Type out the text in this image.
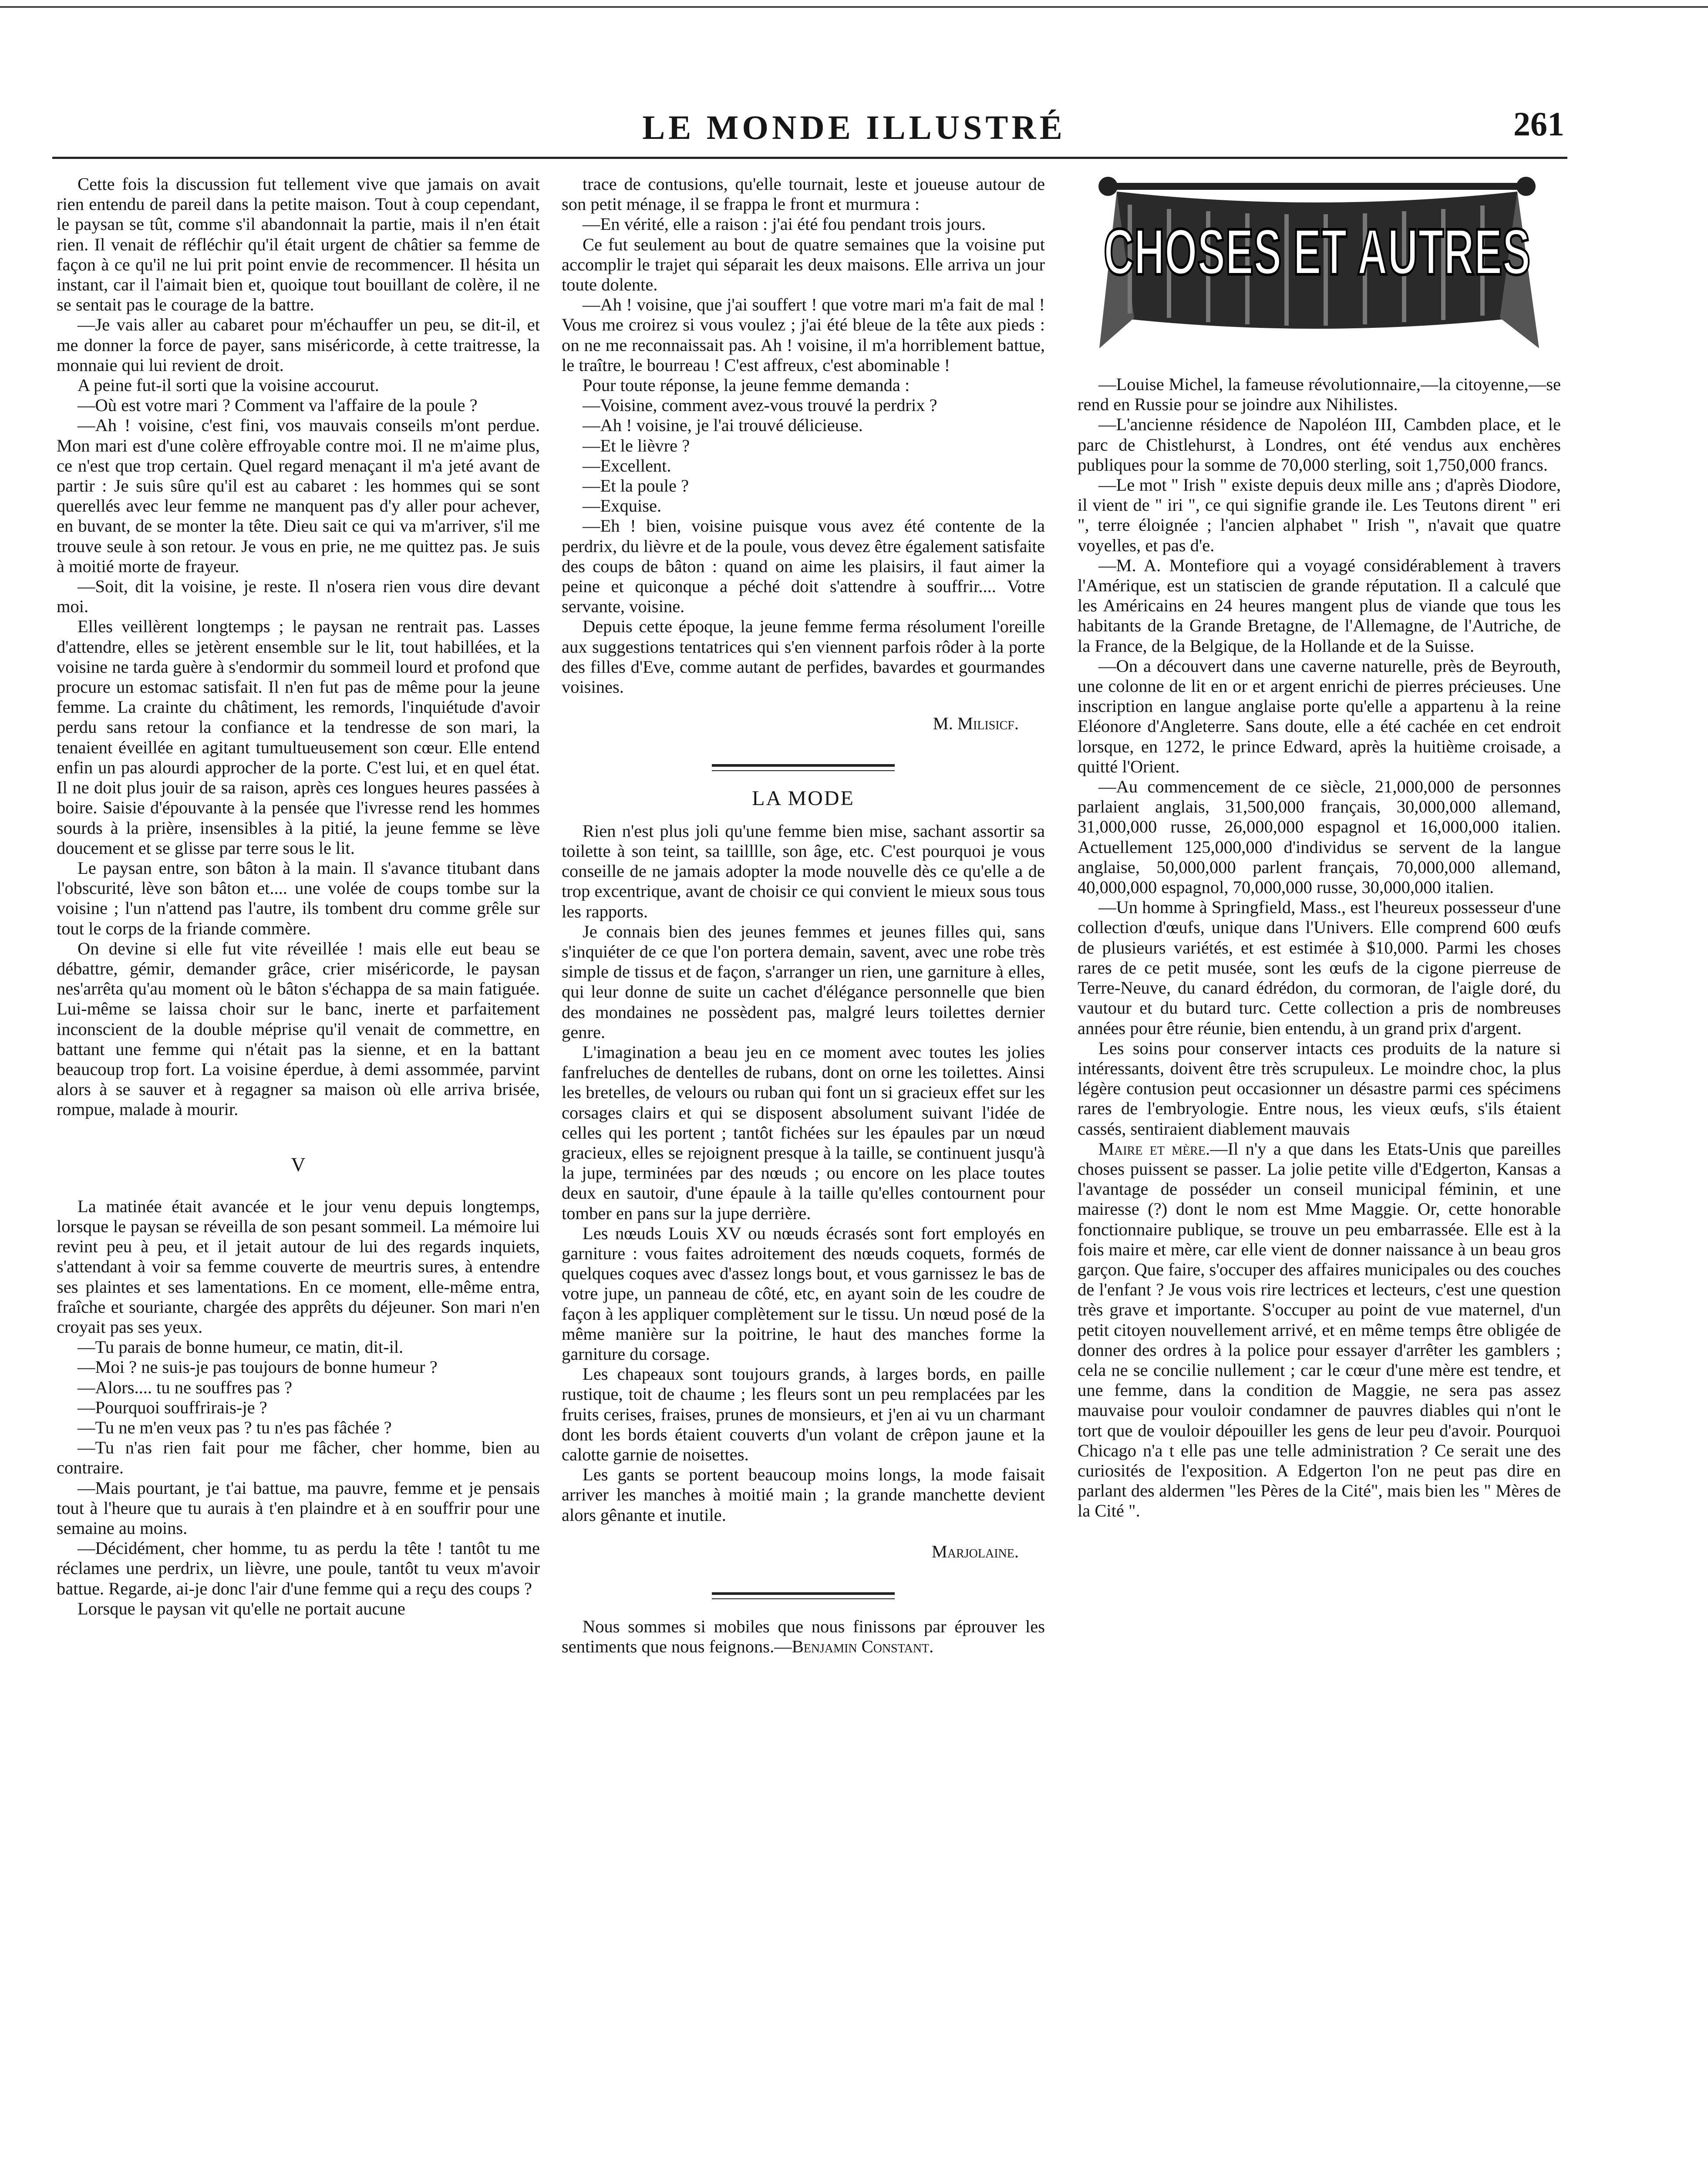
LE MONDE ILLUSTRÉ	261

Cette fois la discussion fut tellement vive que jamais on avait rien entendu de pareil dans la petite maison. Tout à coup cependant, le paysan se tût, comme s'il abandonnait la partie, mais il n'en était rien. Il venait de réfléchir qu'il était urgent de châtier sa femme de façon à ce qu'il ne lui prit point envie de recommencer. Il hésita un instant, car il l'aimait bien et, quoique tout bouillant de colère, il ne se sentait pas le courage de la battre.

—Je vais aller au cabaret pour m'échauffer un peu, se dit-il, et me donner la force de payer, sans miséricorde, à cette traitresse, la monnaie qui lui revient de droit.

A peine fut-il sorti que la voisine accourut.

—Où est votre mari ? Comment va l'affaire de la poule ?

—Ah ! voisine, c'est fini, vos mauvais conseils m'ont perdue. Mon mari est d'une colère effroyable contre moi. Il ne m'aime plus, ce n'est que trop certain. Quel regard menaçant il m'a jeté avant de partir : Je suis sûre qu'il est au cabaret : les hommes qui se sont querellés avec leur femme ne manquent pas d'y aller pour achever, en buvant, de se monter la tête. Dieu sait ce qui va m'arriver, s'il me trouve seule à son retour. Je vous en prie, ne me quittez pas. Je suis à moitié morte de frayeur.

—Soit, dit la voisine, je reste. Il n'osera rien vous dire devant moi.

Elles veillèrent longtemps ; le paysan ne rentrait pas. Lasses d'attendre, elles se jetèrent ensemble sur le lit, tout habillées, et la voisine ne tarda guère à s'endormir du sommeil lourd et profond que procure un estomac satisfait. Il n'en fut pas de même pour la jeune femme. La crainte du châtiment, les remords, l'inquiétude d'avoir perdu sans retour la confiance et la tendresse de son mari, la tenaient éveillée en agitant tumultueusement son cœur. Elle entend enfin un pas alourdi approcher de la porte. C'est lui, et en quel état. Il ne doit plus jouir de sa raison, après ces longues heures passées à boire. Saisie d'épouvante à la pensée que l'ivresse rend les hommes sourds à la prière, insensibles à la pitié, la jeune femme se lève doucement et se glisse par terre sous le lit.

Le paysan entre, son bâton à la main. Il s'avance titubant dans l'obscurité, lève son bâton et.... une volée de coups tombe sur la voisine ; l'un n'attend pas l'autre, ils tombent dru comme grêle sur tout le corps de la friande commère.

On devine si elle fut vite réveillée ! mais elle eut beau se débattre, gémir, demander grâce, crier miséricorde, le paysan nes'arrêta qu'au moment où le bâton s'échappa de sa main fatiguée. Lui-même se laissa choir sur le banc, inerte et parfaitement inconscient de la double méprise qu'il venait de commettre, en battant une femme qui n'était pas la sienne, et en la battant beaucoup trop fort. La voisine éperdue, à demi assommée, parvint alors à se sauver et à regagner sa maison où elle arriva brisée, rompue, malade à mourir.

V

La matinée était avancée et le jour venu depuis longtemps, lorsque le paysan se réveilla de son pesant sommeil. La mémoire lui revint peu à peu, et il jetait autour de lui des regards inquiets, s'attendant à voir sa femme couverte de meurtris sures, à entendre ses plaintes et ses lamentations. En ce moment, elle-même entra, fraîche et souriante, chargée des apprêts du déjeuner. Son mari n'en croyait pas ses yeux.

—Tu parais de bonne humeur, ce matin, dit-il.

—Moi ? ne suis-je pas toujours de bonne humeur ?

—Alors.... tu ne souffres pas ?

—Pourquoi souffrirais-je ?

—Tu ne m'en veux pas ? tu n'es pas fâchée ?

—Tu n'as rien fait pour me fâcher, cher homme, bien au contraire.

—Mais pourtant, je t'ai battue, ma pauvre, femme et je pensais tout à l'heure que tu aurais à t'en plaindre et à en souffrir pour une semaine au moins.

—Décidément, cher homme, tu as perdu la tête ! tantôt tu me réclames une perdrix, un lièvre, une poule, tantôt tu veux m'avoir battue. Regarde, ai-je donc l'air d'une femme qui a reçu des coups ?

Lorsque le paysan vit qu'elle ne portait aucune

trace de contusions, qu'elle tournait, leste et joueuse autour de son petit ménage, il se frappa le front et murmura :

—En vérité, elle a raison : j'ai été fou pendant trois jours.

Ce fut seulement au bout de quatre semaines que la voisine put accomplir le trajet qui séparait les deux maisons. Elle arriva un jour toute dolente.

—Ah ! voisine, que j'ai souffert ! que votre mari m'a fait de mal ! Vous me croirez si vous voulez ; j'ai été bleue de la tête aux pieds : on ne me reconnaissait pas. Ah ! voisine, il m'a horriblement battue, le traître, le bourreau ! C'est affreux, c'est abominable !

Pour toute réponse, la jeune femme demanda :

—Voisine, comment avez-vous trouvé la perdrix ?

—Ah ! voisine, je l'ai trouvé délicieuse.

—Et le lièvre ?

—Excellent.

—Et la poule ?

—Exquise.

—Eh ! bien, voisine puisque vous avez été contente de la perdrix, du lièvre et de la poule, vous devez être également satisfaite des coups de bâton : quand on aime les plaisirs, il faut aimer la peine et quiconque a péché doit s'attendre à souffrir.... Votre servante, voisine.

Depuis cette époque, la jeune femme ferma résolument l'oreille aux suggestions tentatrices qui s'en viennent parfois rôder à la porte des filles d'Eve, comme autant de perfides, bavardes et gourmandes voisines.

M. Milisicf.

LA MODE

Rien n'est plus joli qu'une femme bien mise, sachant assortir sa toilette à son teint, sa tailllle, son âge, etc. C'est pourquoi je vous conseille de ne jamais adopter la mode nouvelle dès ce qu'elle a de trop excentrique, avant de choisir ce qui convient le mieux sous tous les rapports.

Je connais bien des jeunes femmes et jeunes filles qui, sans s'inquiéter de ce que l'on portera demain, savent, avec une robe très simple de tissus et de façon, s'arranger un rien, une garniture à elles, qui leur donne de suite un cachet d'élégance personnelle que bien des mondaines ne possèdent pas, malgré leurs toilettes dernier genre.

L'imagination a beau jeu en ce moment avec toutes les jolies fanfreluches de dentelles de rubans, dont on orne les toilettes. Ainsi les bretelles, de velours ou ruban qui font un si gracieux effet sur les corsages clairs et qui se disposent absolument suivant l'idée de celles qui les portent ; tantôt fichées sur les épaules par un nœud gracieux, elles se rejoignent presque à la taille, se continuent jusqu'à la jupe, terminées par des nœuds ; ou encore on les place toutes deux en sautoir, d'une épaule à la taille qu'elles contournent pour tomber en pans sur la jupe derrière.

Les nœuds Louis XV ou nœuds écrasés sont fort employés en garniture : vous faites adroitement des nœuds coquets, formés de quelques coques avec d'assez longs bout, et vous garnissez le bas de votre jupe, un panneau de côté, etc, en ayant soin de les coudre de façon à les appliquer complètement sur le tissu. Un nœud posé de la même manière sur la poitrine, le haut des manches forme la garniture du corsage.

Les chapeaux sont toujours grands, à larges bords, en paille rustique, toit de chaume ; les fleurs sont un peu remplacées par les fruits cerises, fraises, prunes de monsieurs, et j'en ai vu un charmant dont les bords étaient couverts d'un volant de crêpon jaune et la calotte garnie de noisettes.

Les gants se portent beaucoup moins longs, la mode faisait arriver les manches à moitié main ; la grande manchette devient alors gênante et inutile.

Marjolaine.

Nous sommes si mobiles que nous finissons par éprouver les sentiments que nous feignons.—Benjamin Constant.

CHOSES ET AUTRES

—Louise Michel, la fameuse révolutionnaire,—la citoyenne,—se rend en Russie pour se joindre aux Nihilistes.

—L'ancienne résidence de Napoléon III, Cambden place, et le parc de Chistlehurst, à Londres, ont été vendus aux enchères publiques pour la somme de 70,000 sterling, soit 1,750,000 francs.

—Le mot " Irish " existe depuis deux mille ans ; d'après Diodore, il vient de " iri ", ce qui signifie grande ile. Les Teutons dirent " eri ", terre éloignée ; l'ancien alphabet " Irish ", n'avait que quatre voyelles, et pas d'e.

—M. A. Montefiore qui a voyagé considérablement à travers l'Amérique, est un statiscien de grande réputation. Il a calculé que les Américains en 24 heures mangent plus de viande que tous les habitants de la Grande Bretagne, de l'Allemagne, de l'Autriche, de la France, de la Belgique, de la Hollande et de la Suisse.

—On a découvert dans une caverne naturelle, près de Beyrouth, une colonne de lit en or et argent enrichi de pierres précieuses. Une inscription en langue anglaise porte qu'elle a appartenu à la reine Eléonore d'Angleterre. Sans doute, elle a été cachée en cet endroit lorsque, en 1272, le prince Edward, après la huitième croisade, a quitté l'Orient.

—Au commencement de ce siècle, 21,000,000 de personnes parlaient anglais, 31,500,000 français, 30,000,000 allemand, 31,000,000 russe, 26,000,000 espagnol et 16,000,000 italien. Actuellement 125,000,000 d'individus se servent de la langue anglaise, 50,000,000 parlent français, 70,000,000 allemand, 40,000,000 espagnol, 70,000,000 russe, 30,000,000 italien.

—Un homme à Springfield, Mass., est l'heureux possesseur d'une collection d'œufs, unique dans l'Univers. Elle comprend 600 œufs de plusieurs variétés, et est estimée à $10,000. Parmi les choses rares de ce petit musée, sont les œufs de la cigone pierreuse de Terre-Neuve, du canard édrédon, du cormoran, de l'aigle doré, du vautour et du butard turc. Cette collection a pris de nombreuses années pour être réunie, bien entendu, à un grand prix d'argent.

Les soins pour conserver intacts ces produits de la nature si intéressants, doivent être très scrupuleux. Le moindre choc, la plus légère contusion peut occasionner un désastre parmi ces spécimens rares de l'embryologie. Entre nous, les vieux œufs, s'ils étaient cassés, sentiraient diablement mauvais

Maire et mère.—Il n'y a que dans les Etats-Unis que pareilles choses puissent se passer. La jolie petite ville d'Edgerton, Kansas a l'avantage de posséder un conseil municipal féminin, et une mairesse (?) dont le nom est Mme Maggie. Or, cette honorable fonctionnaire publique, se trouve un peu embarrassée. Elle est à la fois maire et mère, car elle vient de donner naissance à un beau gros garçon. Que faire, s'occuper des affaires municipales ou des couches de l'enfant ? Je vous vois rire lectrices et lecteurs, c'est une question très grave et importante. S'occuper au point de vue maternel, d'un petit citoyen nouvellement arrivé, et en même temps être obligée de donner des ordres à la police pour essayer d'arrêter les gamblers ; cela ne se concilie nullement ; car le cœur d'une mère est tendre, et une femme, dans la condition de Maggie, ne sera pas assez mauvaise pour vouloir condamner de pauvres diables qui n'ont le tort que de vouloir dépouiller les gens de leur peu d'avoir. Pourquoi Chicago n'a t elle pas une telle administration ? Ce serait une des curiosités de l'exposition. A Edgerton l'on ne peut pas dire en parlant des aldermen "les Pères de la Cité", mais bien les " Mères de la Cité ".
